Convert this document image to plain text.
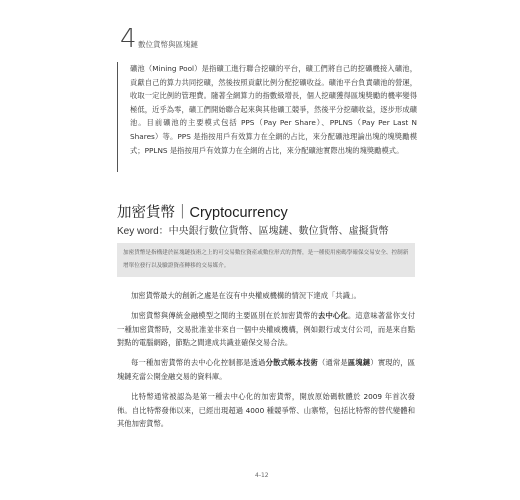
4 數位貨幣與區塊鏈
礦池（Mining Pool）是指礦工進行聯合挖礦的平台，礦工們將自己的挖礦機接入礦池，貢獻自己的算力共同挖礦，然後按照貢獻比例分配挖礦收益。礦池平台負責礦池的營運，收取一定比例的管理費。隨著全網算力的指數級增長，個人挖礦獲得區塊獎勵的機率變得極低，近乎為零，礦工們開始聯合起來與其他礦工競爭，然後平分挖礦收益，逐步形成礦池。目前礦池的主要模式包括 PPS（Pay Per Share）、PPLNS（Pay Per Last N Shares）等。PPS 是指按用戶有效算力在全網的占比，來分配礦池理論出塊的塊獎勵模式；PPLNS 是指按用戶有效算力在全網的占比，來分配礦池實際出塊的塊獎勵模式。
加密貨幣｜Cryptocurrency
Key word：中央銀行數位貨幣、區塊鏈、數位貨幣、虛擬貨幣
加密貨幣是指構建於區塊鏈技術之上的可交易數位資產或數位形式的貨幣，是一種使用密碼學確保交易安全、控制新增單位發行以及驗證資產轉移的交易媒介。
加密貨幣最大的創新之處是在沒有中央權威機構的情況下達成「共識」。
加密貨幣與傳統金融模型之間的主要區別在於加密貨幣的去中心化。這意味著當你支付一種加密貨幣時，交易批准並非來自一個中央權威機構，例如銀行或支付公司，而是來自點對點的電腦網路，節點之間達成共識並確保交易合法。
每一種加密貨幣的去中心化控制都是透過分散式帳本技術（通常是區塊鏈）實現的，區塊鏈充當公開金融交易的資料庫。
比特幣通常被認為是第一種去中心化的加密貨幣，開放原始碼軟體於 2009 年首次發佈。自比特幣發佈以來，已經出現超過 4000 種競爭幣、山寨幣，包括比特幣的替代變體和其他加密貨幣。
4-12
